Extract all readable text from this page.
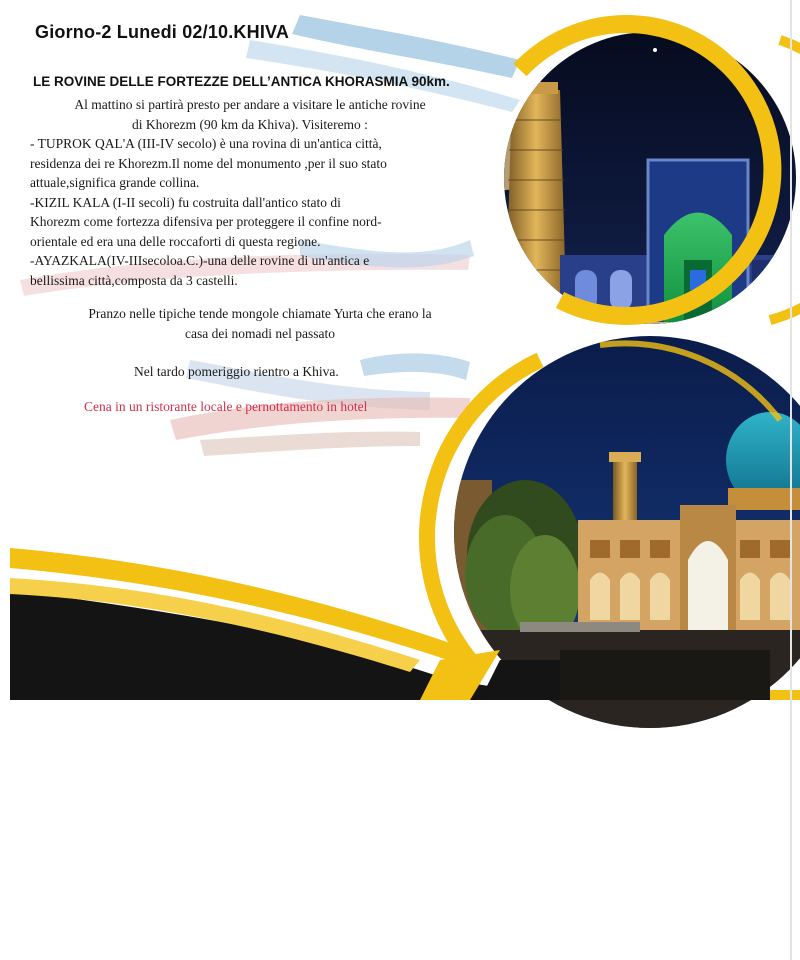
Giorno-2 Lunedi 02/10.KHIVA
LE ROVINE DELLE FORTEZZE DELL’ANTICA KHORASMIA 90km.
Al mattino si partirà presto per andare a visitare le antiche rovine
di Khorezm (90 km da Khiva). Visiteremo :
- TUPROK QAL'A (III-IV secolo) è una rovina di un'antica città,
residenza dei re Khorezm.Il nome del monumento ,per il suo stato
attuale,significa grande collina.
-KIZIL KALA (I-II secoli) fu costruita dall'antico stato di
Khorezm come fortezza difensiva per proteggere il confine nord-
orientale ed era una delle roccaforti di questa regione.
-AYAZKALA(IV-IIIsecoloa.C.)-una delle rovine di un'antica e
bellissima città,composta da 3 castelli.
Pranzo nelle tipiche tende mongole chiamate Yurta che erano la
casa dei nomadi nel passato
Nel tardo pomeriggio rientro a Khiva.
Cena in un ristorante locale e pernottamento in hotel
